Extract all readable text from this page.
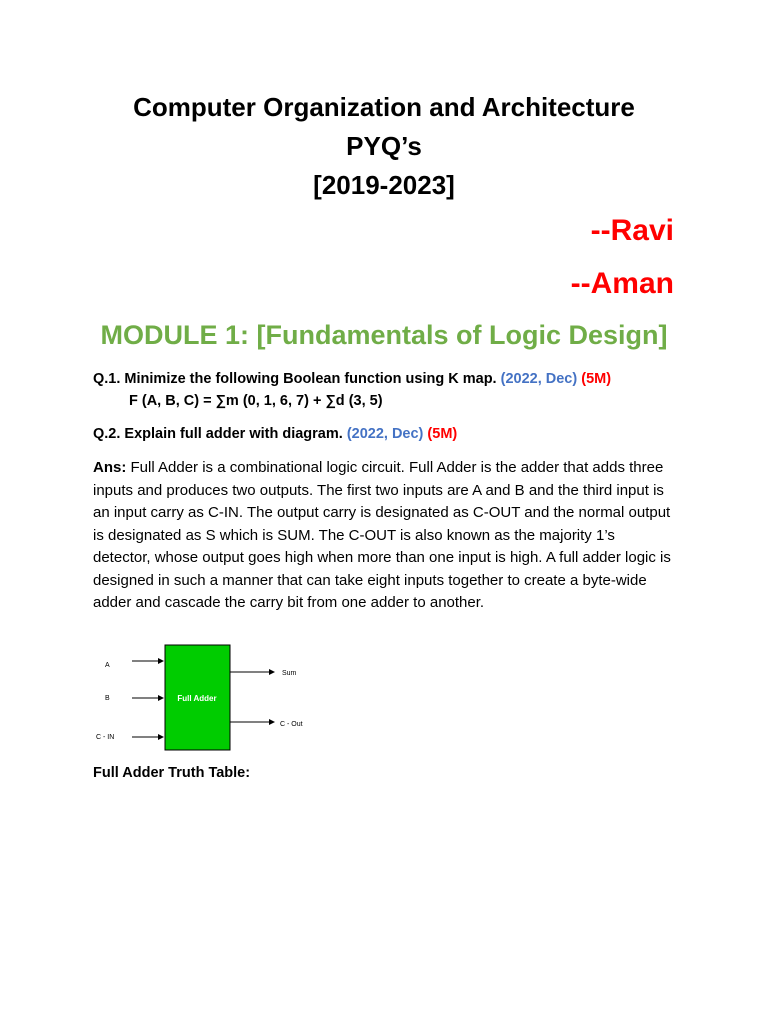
Computer Organization and Architecture
PYQ’s
[2019-2023]
--Ravi
--Aman
MODULE 1: [Fundamentals of Logic Design]
Q.1. Minimize the following Boolean function using K map. (2022, Dec) (5M)
F (A, B, C) = ∑m (0, 1, 6, 7) + ∑d (3, 5)
Q.2. Explain full adder with diagram. (2022, Dec) (5M)
Ans: Full Adder is a combinational logic circuit. Full Adder is the adder that adds three inputs and produces two outputs. The first two inputs are A and B and the third input is an input carry as C-IN. The output carry is designated as C-OUT and the normal output is designated as S which is SUM. The C-OUT is also known as the majority 1’s detector, whose output goes high when more than one input is high. A full adder logic is designed in such a manner that can take eight inputs together to create a byte-wide adder and cascade the carry bit from one adder to another.
Full Adder
A
B
C - IN
Sum
C - Out
Full Adder Truth Table:
